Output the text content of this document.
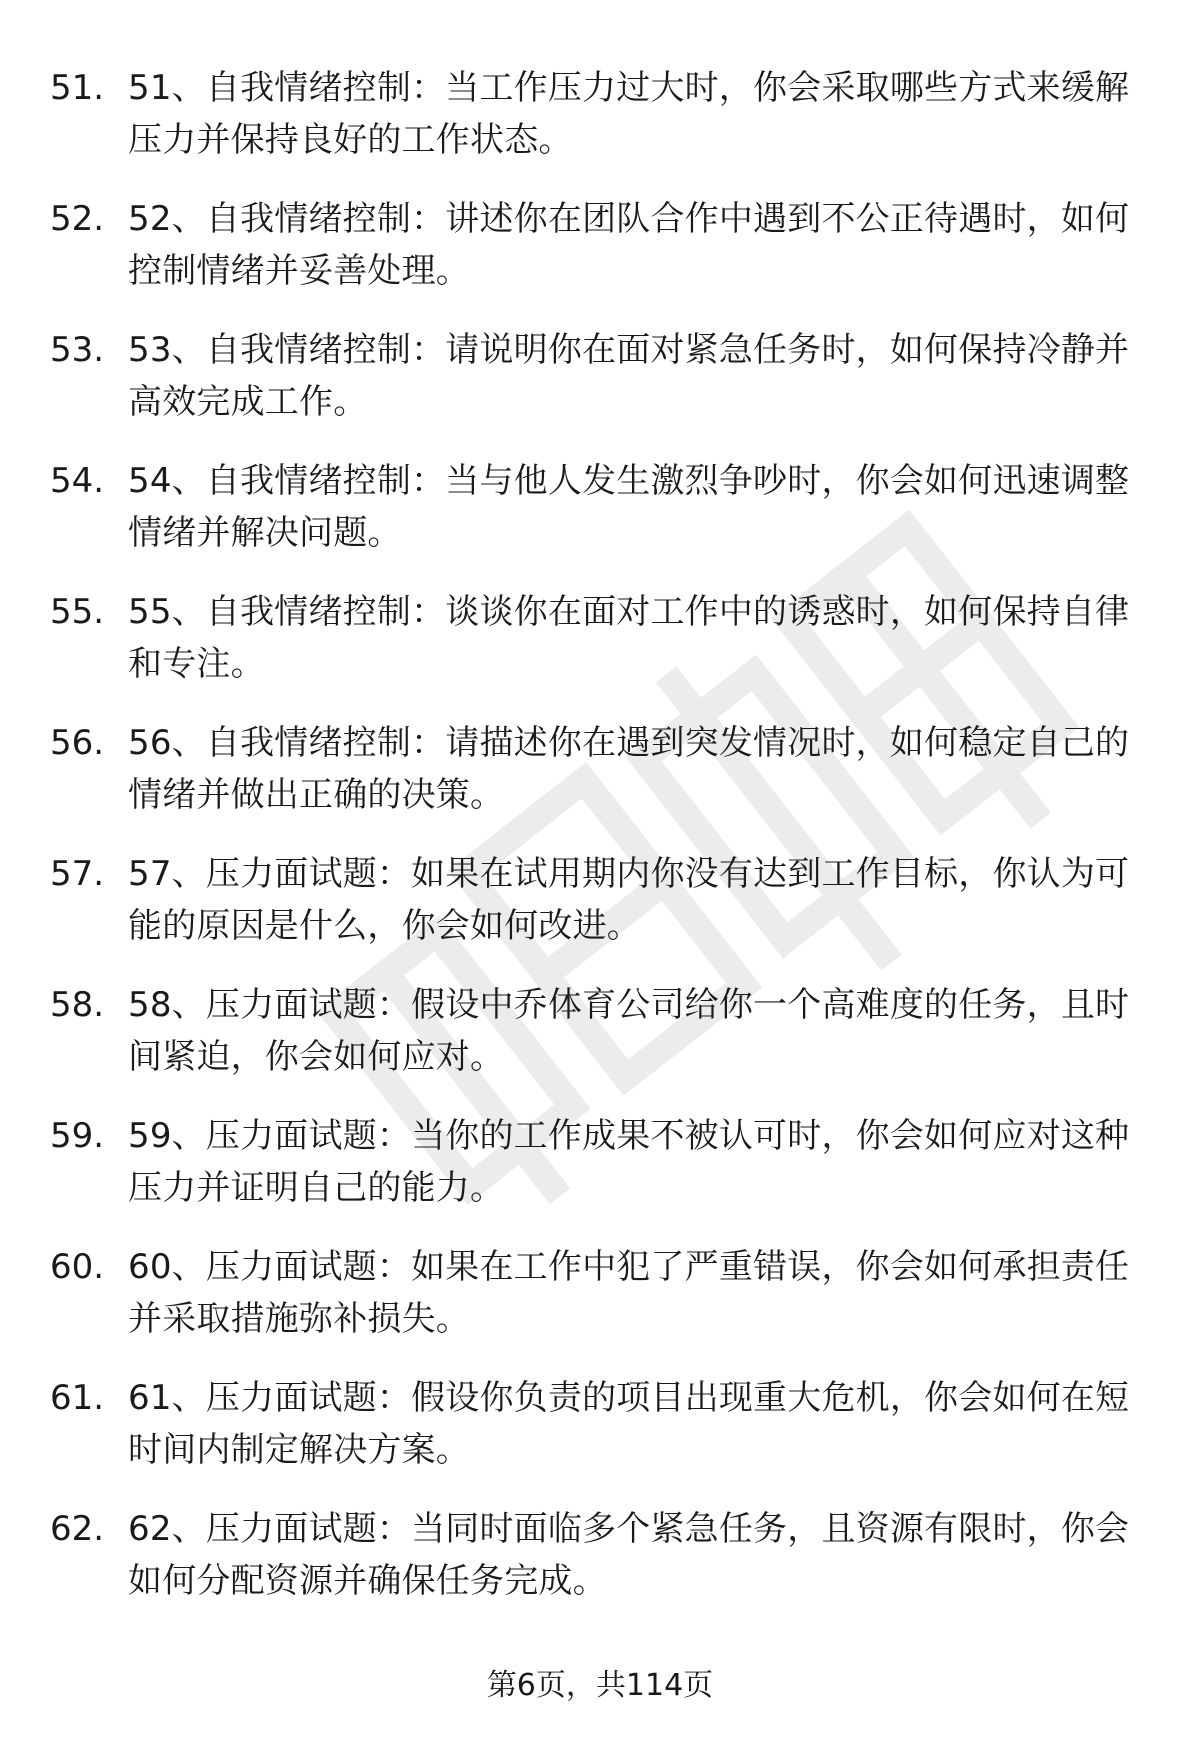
51. 51、自我情绪控制：当工作压力过大时，你会采取哪些方式来缓解压力并保持良好的工作状态。
52. 52、自我情绪控制：讲述你在团队合作中遇到不公正待遇时，如何控制情绪并妥善处理。
53. 53、自我情绪控制：请说明你在面对紧急任务时，如何保持冷静并高效完成工作。
54. 54、自我情绪控制：当与他人发生激烈争吵时，你会如何迅速调整情绪并解决问题。
55. 55、自我情绪控制：谈谈你在面对工作中的诱惑时，如何保持自律和专注。
56. 56、自我情绪控制：请描述你在遇到突发情况时，如何稳定自己的情绪并做出正确的决策。
57. 57、压力面试题：如果在试用期内你没有达到工作目标，你认为可能的原因是什么，你会如何改进。
58. 58、压力面试题：假设中乔体育公司给你一个高难度的任务，且时间紧迫，你会如何应对。
59. 59、压力面试题：当你的工作成果不被认可时，你会如何应对这种压力并证明自己的能力。
60. 60、压力面试题：如果在工作中犯了严重错误，你会如何承担责任并采取措施弥补损失。
61. 61、压力面试题：假设你负责的项目出现重大危机，你会如何在短时间内制定解决方案。
62. 62、压力面试题：当同时面临多个紧急任务，且资源有限时，你会如何分配资源并确保任务完成。
第6页，共114页
